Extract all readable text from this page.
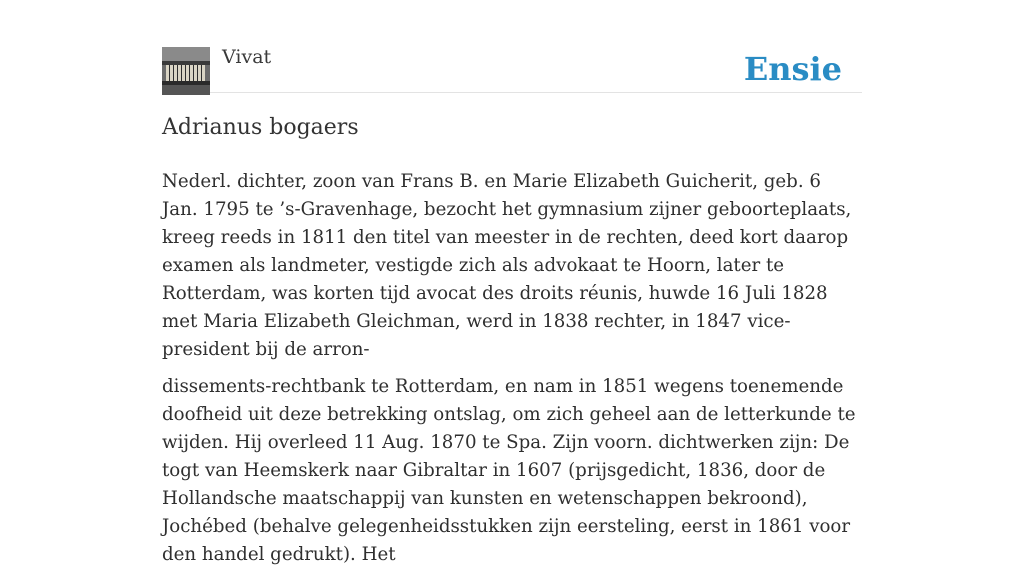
Vivat	Ensie
Adrianus bogaers

Nederl. dichter, zoon van Frans B. en Marie Elizabeth Guicherit, geb. 6 Jan. 1795 te ’s-Gravenhage, bezocht het gymnasium zijner geboorteplaats, kreeg reeds in 1811 den titel van meester in de rechten, deed kort daarop examen als landmeter, vestigde zich als advokaat te Hoorn, later te Rotterdam, was korten tijd avocat des droits réunis, huwde 16 Juli 1828 met Maria Elizabeth Gleichman, werd in 1838 rechter, in 1847 vice-president bij de arron-

dissements-rechtbank te Rotterdam, en nam in 1851 wegens toenemende doofheid uit deze betrekking ontslag, om zich geheel aan de letterkunde te wijden. Hij overleed 11 Aug. 1870 te Spa. Zijn voorn. dichtwerken zijn: De togt van Heemskerk naar Gibraltar in 1607 (prijsgedicht, 1836, door de Hollandsche maatschappij van kunsten en wetenschappen bekroond), Jochébed (behalve gelegenheidsstukken zijn eersteling, eerst in 1861 voor den handel gedrukt). Het
